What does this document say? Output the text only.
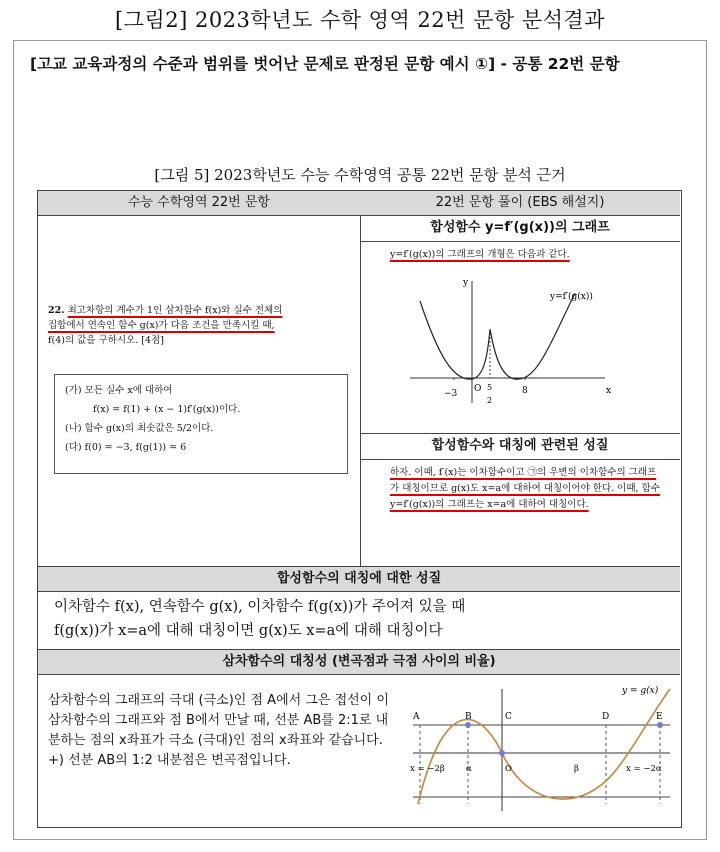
[그림2] 2023학년도 수학 영역 22번 문항 분석결과
[고교 교육과정의 수준과 범위를 벗어난 문제로 판정된 문항 예시 ①] - 공통 22번 문항
[그림 5] 2023학년도 수능 수학영역 공통 22번 문항 분석 근거
수능 수학영역 22번 문항	22번 문항 풀이 (EBS 해설지)
22. 최고차항의 계수가 1인 삼차함수 f(x)와 실수 전체의
집합에서 연속인 함수 g(x)가 다음 조건을 만족시킬 때,
f(4)의 값을 구하시오. [4점]
(가) 모든 실수 x에 대하여
f(x) = f(1) + (x − 1)f′(g(x))이다.
(나) 함수 g(x)의 최솟값은 5/2이다.
(다) f(0) = −3, f(g(1)) = 6
합성함수 y=f′(g(x))의 그래프
y=f′(g(x))의 그래프의 개형은 다음과 같다.
y=f′(g(x))
−3 O 5
2
8	x
y
합성함수와 대칭에 관련된 성질
하자. 이때, f′(x)는 이차함수이고 ㉠의 우변의 이차함수의 그래프가 대칭이므로 g(x)도 x=a에 대하여 대칭이어야 한다. 이때, 함수 y=f′(g(x))의 그래프는 x=a에 대하여 대칭이다.
합성함수의 대칭에 대한 성질
이차함수 f(x), 연속함수 g(x), 이차함수 f(g(x))가 주어져 있을 때
f(g(x))가 x=a에 대해 대칭이면 g(x)도 x=a에 대해 대칭이다
삼차함수의 대칭성 (변곡점과 극점 사이의 비율)
삼차함수의 그래프의 극대 (극소)인 점 A에서 그은 접선이 이 삼차함수의 그래프와 점 B에서 만날 때, 선분 AB를 2:1로 내분하는 점의 x좌표가 극소 (극대)인 점의 x좌표와 같습니다. +) 선분 AB의 1:2 내분점은 변곡점입니다.
y = g(x)
A	B	C	D	E
x = −2β α	O	β	x = −2α
